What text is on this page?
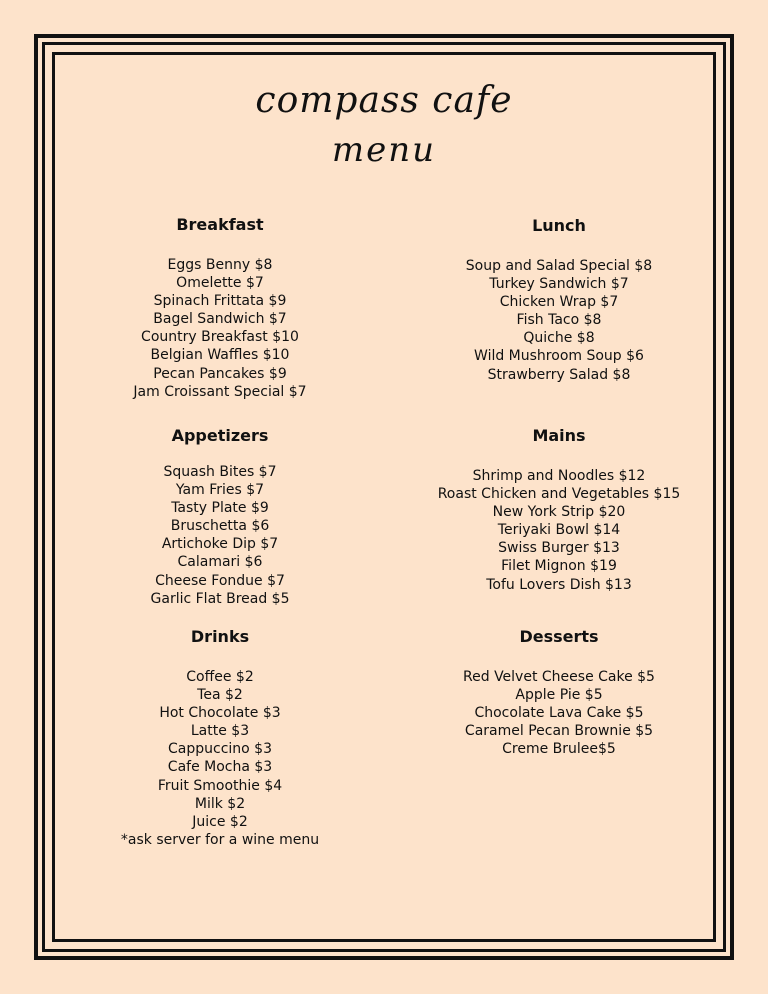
compass cafe
menu
Breakfast
Eggs Benny $8
Omelette $7
Spinach Frittata $9
Bagel Sandwich $7
Country Breakfast $10
Belgian Waffles $10
Pecan Pancakes $9
Jam Croissant Special $7
Lunch
Soup and Salad Special $8
Turkey Sandwich $7
Chicken Wrap $7
Fish Taco $8
Quiche $8
Wild Mushroom Soup $6
Strawberry Salad $8
Appetizers
Squash Bites $7
Yam Fries $7
Tasty Plate $9
Bruschetta $6
Artichoke Dip $7
Calamari $6
Cheese Fondue $7
Garlic Flat Bread $5
Mains
Shrimp and Noodles $12
Roast Chicken and Vegetables $15
New York Strip $20
Teriyaki Bowl $14
Swiss Burger $13
Filet Mignon $19
Tofu Lovers Dish $13
Drinks
Coffee $2
Tea $2
Hot Chocolate $3
Latte $3
Cappuccino $3
Cafe Mocha $3
Fruit Smoothie $4
Milk $2
Juice $2
*ask server for a wine menu
Desserts
Red Velvet Cheese Cake $5
Apple Pie $5
Chocolate Lava Cake $5
Caramel Pecan Brownie $5
Creme Brulee$5
